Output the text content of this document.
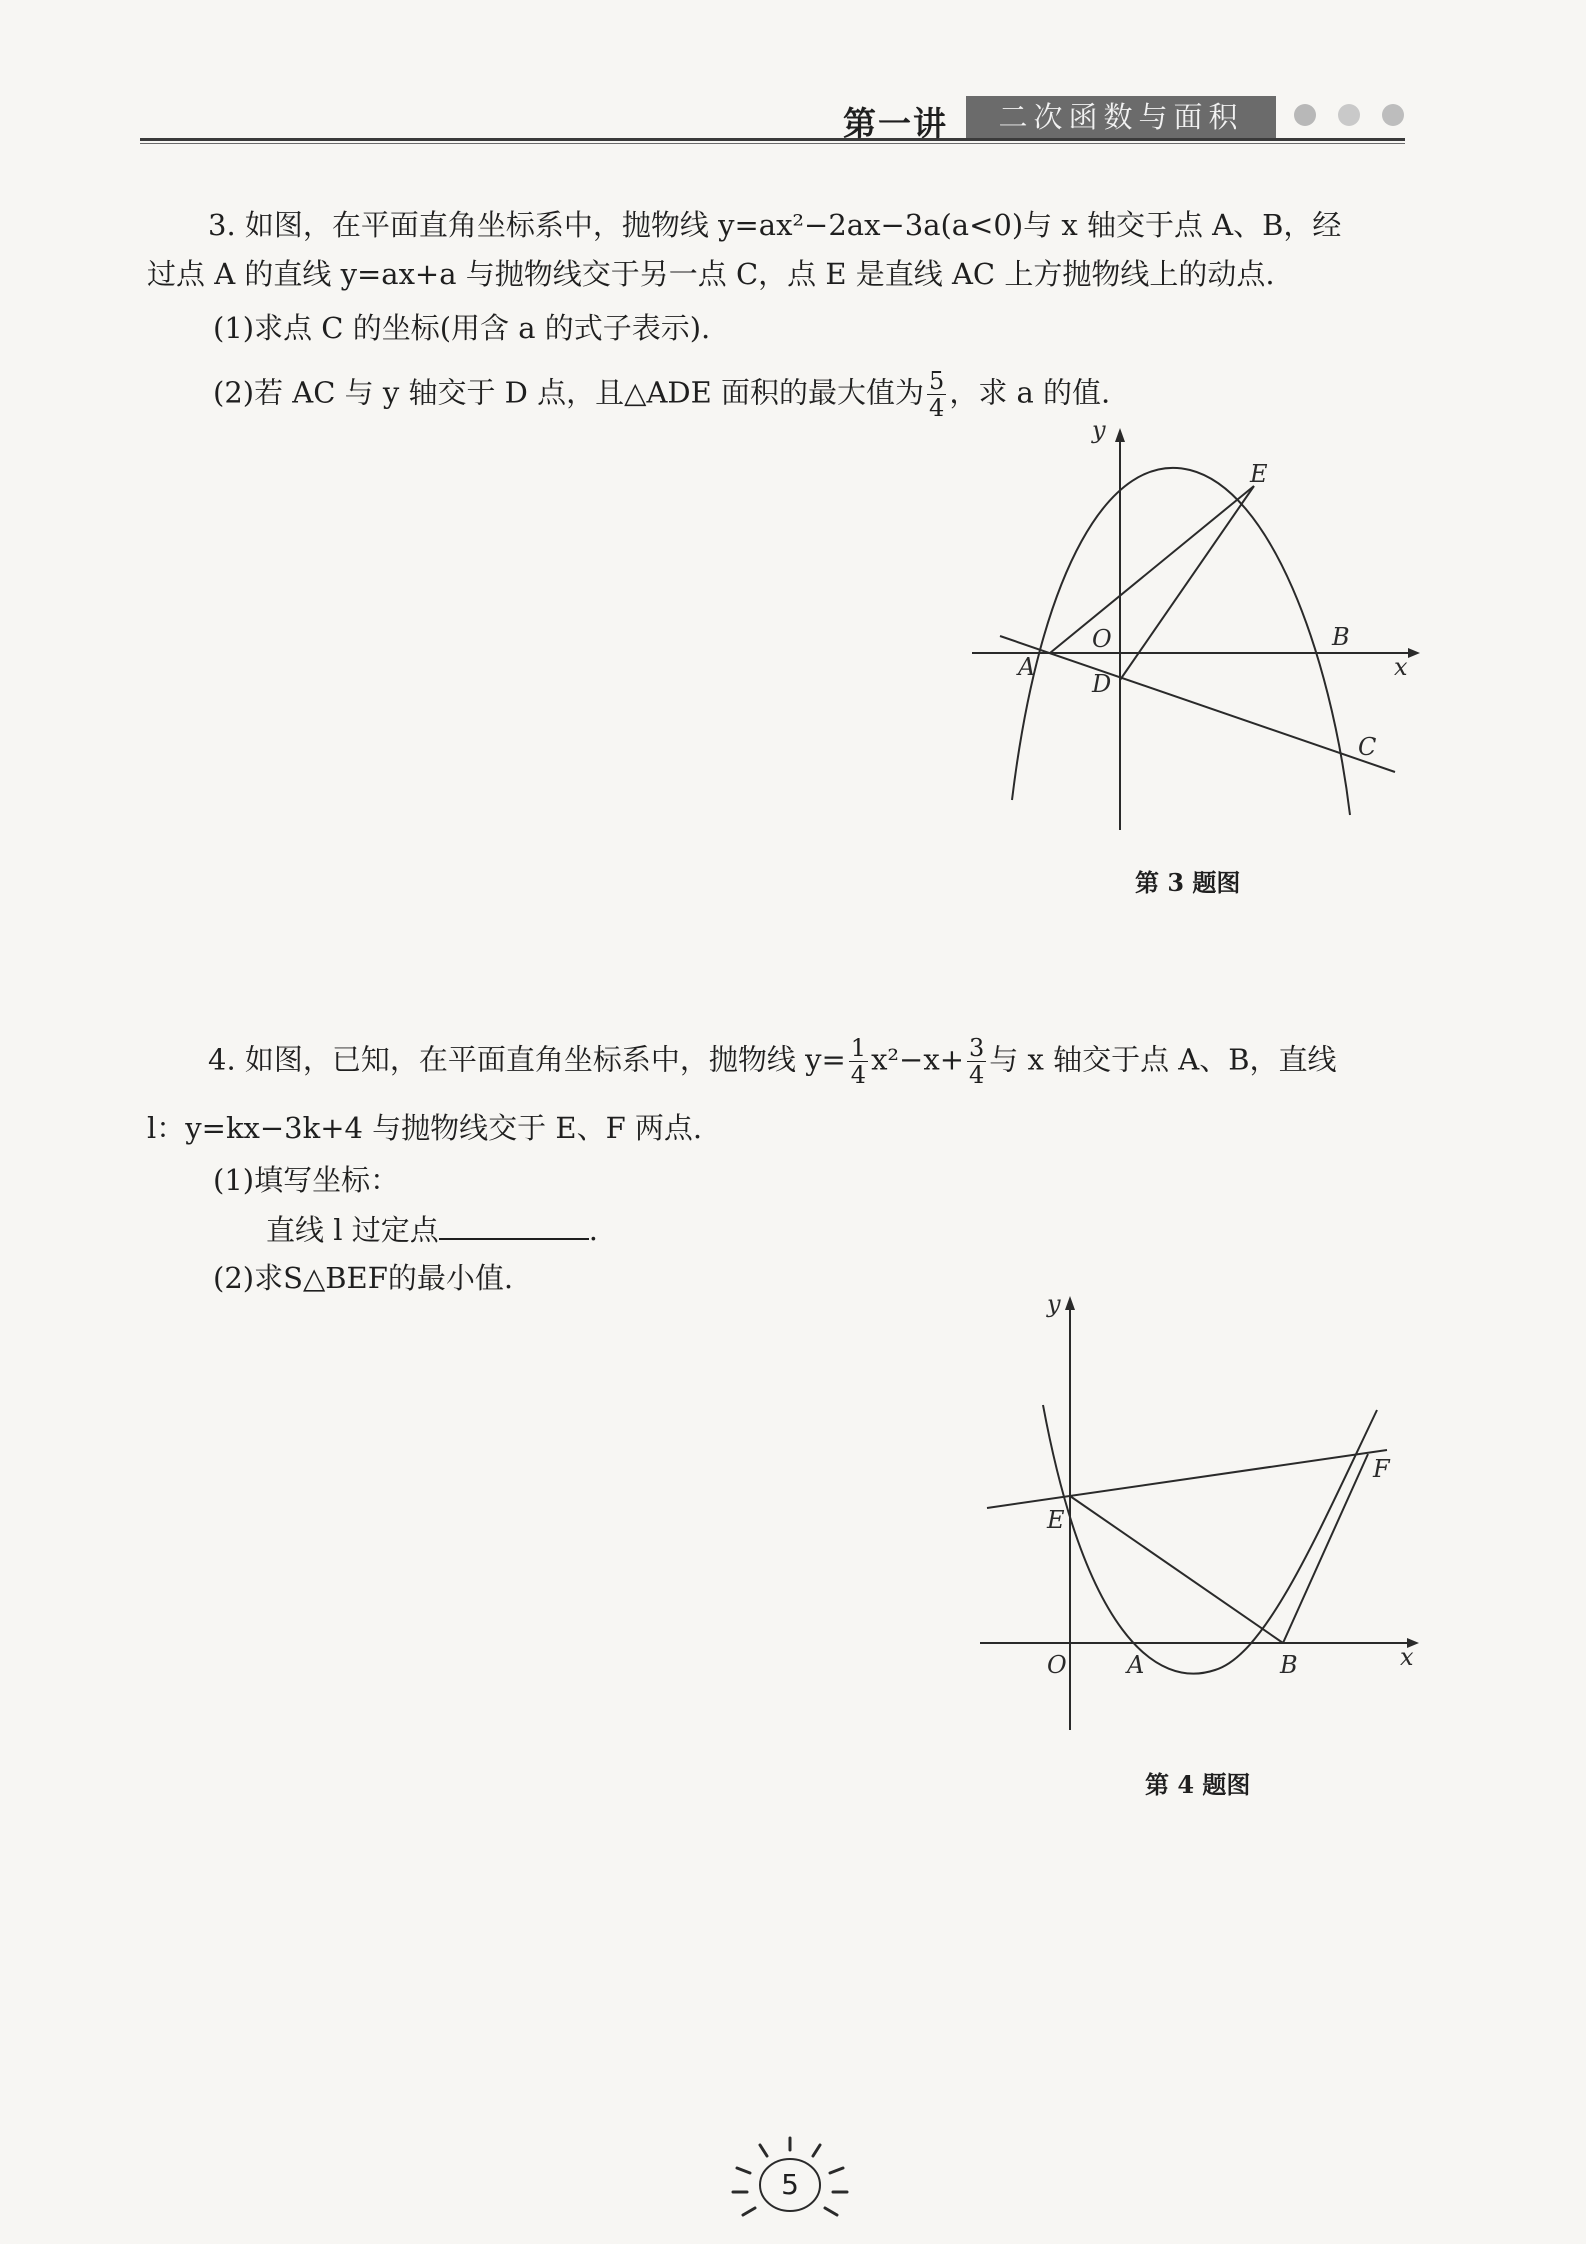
第一讲	二次函数与面积
3. 如图，在平面直角坐标系中，抛物线 y=ax²−2ax−3a(a<0)与 x 轴交于点 A、B，经
过点 A 的直线 y=ax+a 与抛物线交于另一点 C，点 E 是直线 AC 上方抛物线上的动点.
(1)求点 C 的坐标(用含 a 的式子表示).
(2)若 AC 与 y 轴交于 D 点，且△ADE 面积的最大值为 $\frac{5}{4}$ ，求 a 的值.
y
x
O
A
B
C
D
E
第 3 题图
4. 如图，已知，在平面直角坐标系中，抛物线 $y= \frac{1}{4} x^2-x+ \frac{3}{4}$ 与 x 轴交于点 A、B，直线
l：y=kx−3k+4 与抛物线交于 E、F 两点.
(1)填写坐标：
直线 l 过定点	.
(2)求S△BEF的最小值.
y
x
O	A	B
E
F
第 4 题图
5
